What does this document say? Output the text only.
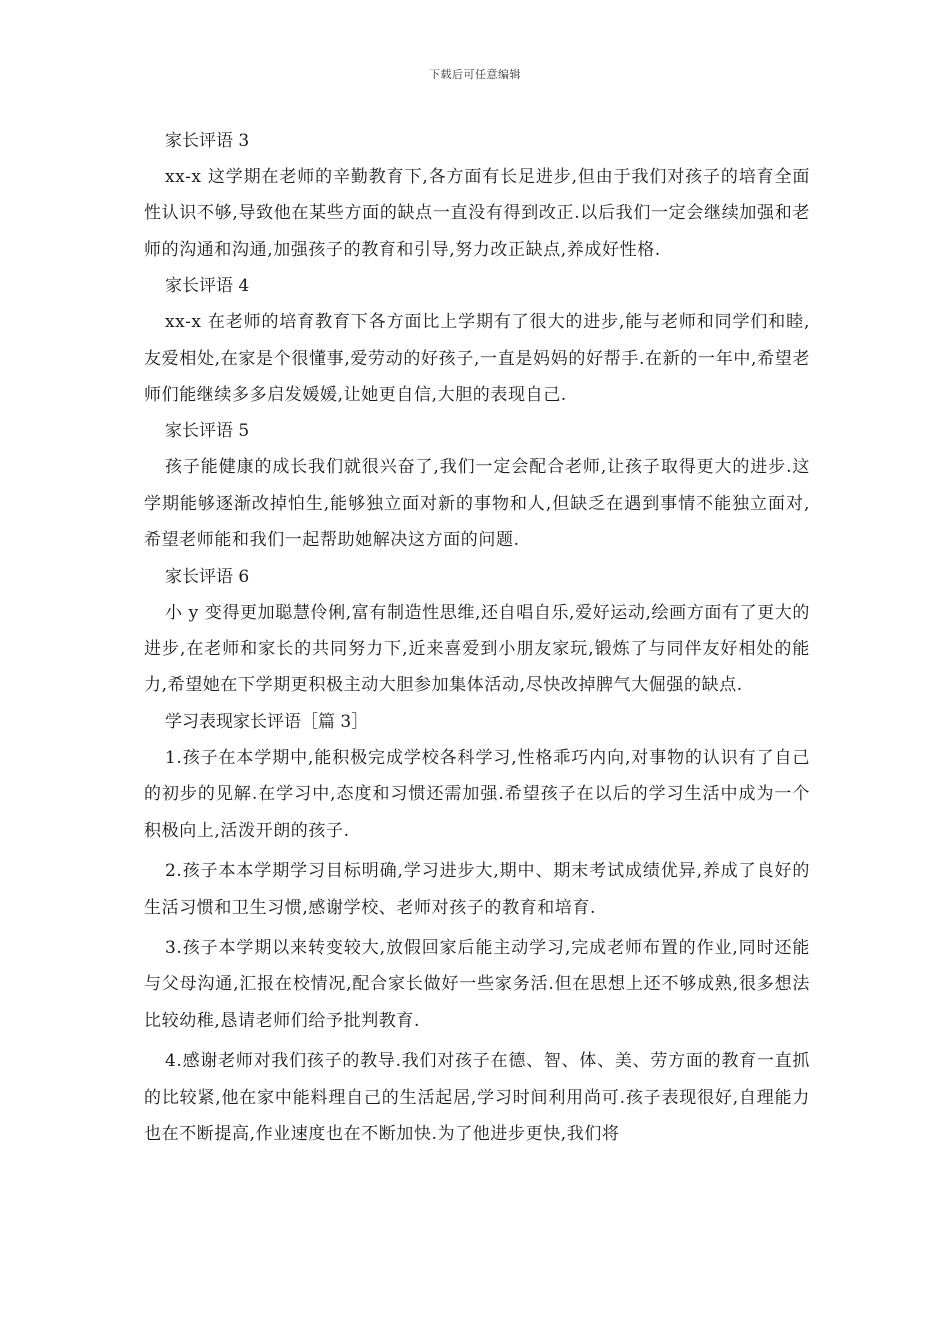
下载后可任意编辑
家长评语 3

xx-x 这学期在老师的辛勤教育下,各方面有长足进步,但由于我们对孩子的培育全面性认识不够,导致他在某些方面的缺点一直没有得到改正.以后我们一定会继续加强和老师的沟通和沟通,加强孩子的教育和引导,努力改正缺点,养成好性格.

家长评语 4

xx-x 在老师的培育教育下各方面比上学期有了很大的进步,能与老师和同学们和睦,友爱相处,在家是个很懂事,爱劳动的好孩子,一直是妈妈的好帮手.在新的一年中,希望老师们能继续多多启发媛媛,让她更自信,大胆的表现自己.

家长评语 5

孩子能健康的成长我们就很兴奋了,我们一定会配合老师,让孩子取得更大的进步.这学期能够逐渐改掉怕生,能够独立面对新的事物和人,但缺乏在遇到事情不能独立面对,希望老师能和我们一起帮助她解决这方面的问题.

家长评语 6

小 y 变得更加聪慧伶俐,富有制造性思维,还自唱自乐,爱好运动,绘画方面有了更大的进步,在老师和家长的共同努力下,近来喜爱到小朋友家玩,锻炼了与同伴友好相处的能力,希望她在下学期更积极主动大胆参加集体活动,尽快改掉脾气大倔强的缺点.

学习表现家长评语［篇 3］

1.孩子在本学期中,能积极完成学校各科学习,性格乖巧内向,对事物的认识有了自己的初步的见解.在学习中,态度和习惯还需加强.希望孩子在以后的学习生活中成为一个积极向上,活泼开朗的孩子.

2.孩子本本学期学习目标明确,学习进步大,期中、期末考试成绩优异,养成了良好的生活习惯和卫生习惯,感谢学校、老师对孩子的教育和培育.

3.孩子本学期以来转变较大,放假回家后能主动学习,完成老师布置的作业,同时还能与父母沟通,汇报在校情况,配合家长做好一些家务活.但在思想上还不够成熟,很多想法比较幼稚,恳请老师们给予批判教育.

4.感谢老师对我们孩子的教导.我们对孩子在德、智、体、美、劳方面的教育一直抓的比较紧,他在家中能料理自己的生活起居,学习时间利用尚可.孩子表现很好,自理能力也在不断提高,作业速度也在不断加快.为了他进步更快,我们将
